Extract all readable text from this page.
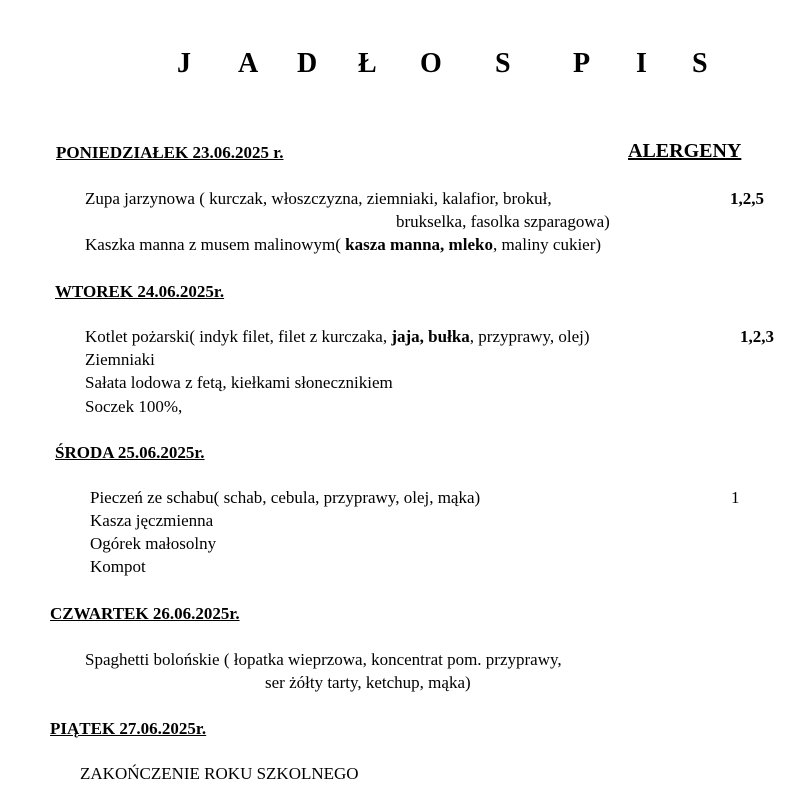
J A D Ł O S P I S
PONIEDZIAŁEK 23.06.2025 r.	ALERGENY
Zupa jarzynowa ( kurczak, włoszczyzna, ziemniaki, kalafior, brokuł,	1,2,5
brukselka, fasolka szparagowa)
Kaszka manna z musem malinowym( kasza manna, mleko, maliny cukier)
WTOREK 24.06.2025r.
Kotlet pożarski( indyk filet, filet z kurczaka, jaja, bułka, przyprawy, olej)	1,2,3
Ziemniaki
Sałata lodowa z fetą, kiełkami słonecznikiem
Soczek 100%,
ŚRODA 25.06.2025r.
Pieczeń ze schabu( schab, cebula, przyprawy, olej, mąka)	1
Kasza jęczmienna
Ogórek małosolny
Kompot
CZWARTEK 26.06.2025r.
Spaghetti bolońskie ( łopatka wieprzowa, koncentrat pom. przyprawy,
ser żółty tarty, ketchup, mąka)
PIĄTEK 27.06.2025r.
ZAKOŃCZENIE ROKU SZKOLNEGO
